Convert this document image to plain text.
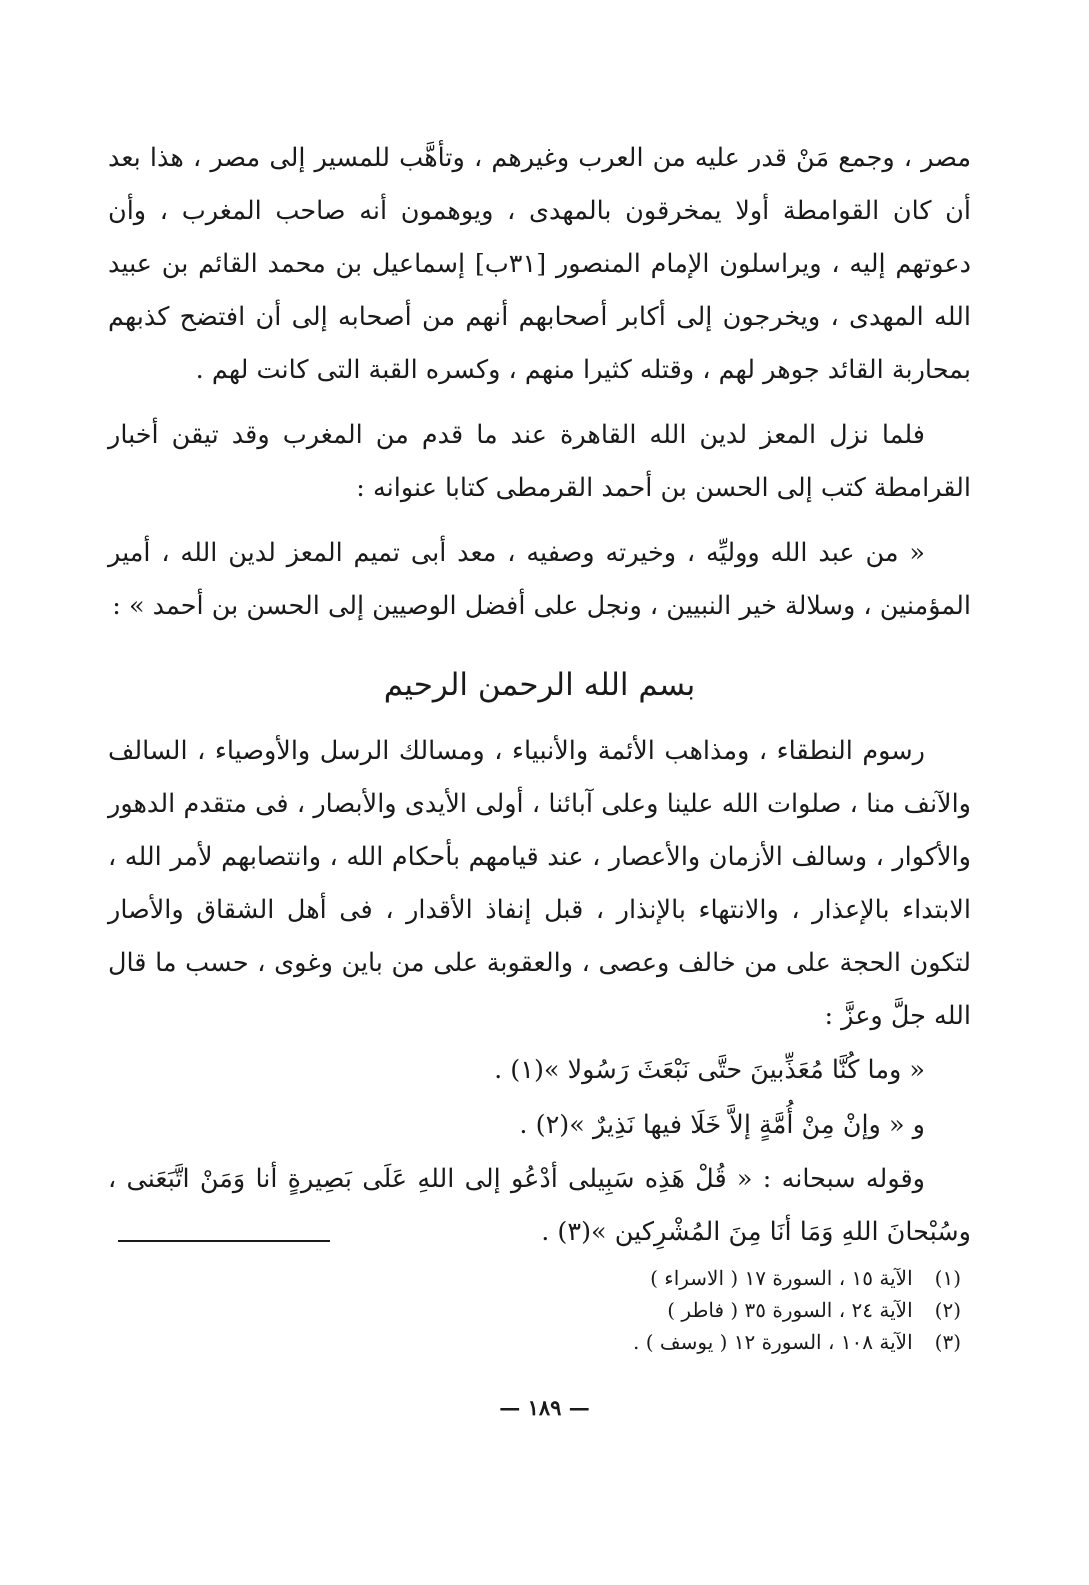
مصر ، وجمع مَنْ قدر عليه من العرب وغيرهم ، وتأهَّب للمسير إلى مصر ، هذا بعد أن كان القوامطة أولا يمخرقون بالمهدى ، ويوهمون أنه صاحب المغرب ، وأن دعوتهم إليه ، ويراسلون الإمام المنصور [٣١ب] إسماعيل بن محمد القائم بن عبيد الله المهدى ، ويخرجون إلى أكابر أصحابهم أنهم من أصحابه إلى أن افتضح كذبهم بمحاربة القائد جوهر لهم ، وقتله كثيرا منهم ، وكسره القبة التى كانت لهم .

فلما نزل المعز لدين الله القاهرة عند ما قدم من المغرب وقد تيقن أخبار القرامطة كتب إلى الحسن بن أحمد القرمطى كتابا عنوانه :

« من عبد الله ووليِّه ، وخيرته وصفيه ، معد أبى تميم المعز لدين الله ، أمير المؤمنين ، وسلالة خير النبيين ، ونجل على أفضل الوصيين إلى الحسن بن أحمد » :

بسم الله الرحمن الرحيم

رسوم النطقاء ، ومذاهب الأئمة والأنبياء ، ومسالك الرسل والأوصياء ، السالف والآنف منا ، صلوات الله علينا وعلى آبائنا ، أولى الأيدى والأبصار ، فى متقدم الدهور والأكوار ، وسالف الأزمان والأعصار ، عند قيامهم بأحكام الله ، وانتصابهم لأمر الله ، الابتداء بالإعذار ، والانتهاء بالإنذار ، قبل إنفاذ الأقدار ، فى أهل الشقاق والأصار لتكون الحجة على من خالف وعصى ، والعقوبة على من باين وغوى ، حسب ما قال الله جلَّ وعزَّ :

« وما كُنَّا مُعَذِّبينَ حتَّى نَبْعَثَ رَسُولا »(١) .

و « وإنْ مِنْ أُمَّةٍ إلاَّ خَلَا فيها نَذِيرٌ »(٢) .

وقوله سبحانه : « قُلْ هَذِه سَبِيلى أدْعُو إلى اللهِ عَلَى بَصِيرةٍ أنا وَمَنْ اتَّبَعَنى ، وسُبْحانَ اللهِ وَمَا أنَا مِنَ المُشْرِكين »(٣) .

(١)
الآية ١٥ ، السورة ١٧ ( الاسراء )
(٢)
الآية ٢٤ ، السورة ٣٥ ( فاطر )
(٣)
الآية ١٠٨ ، السورة ١٢ ( يوسف ) .
— ١٨٩ —
